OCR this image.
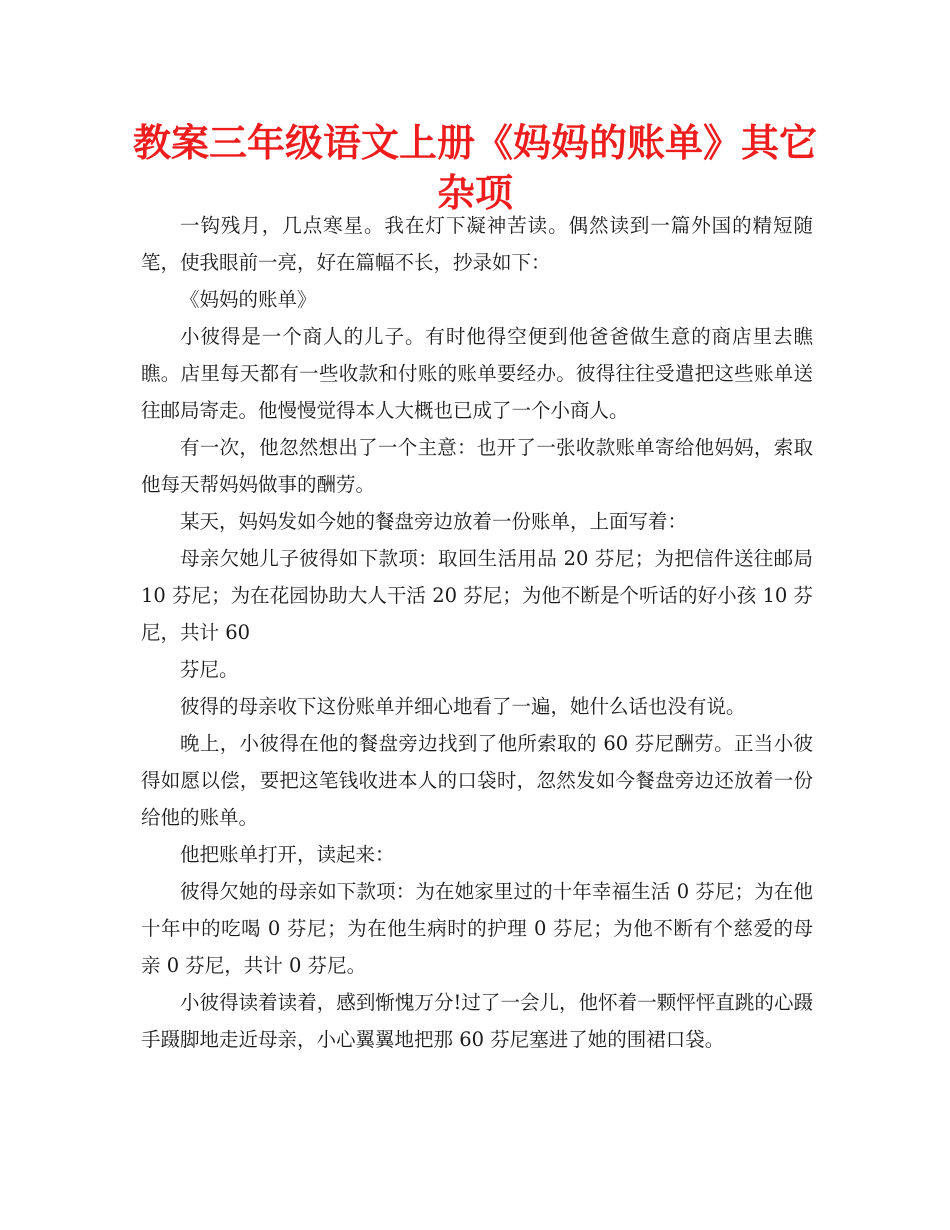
教案三年级语文上册《妈妈的账单》其它杂项

一钩残月，几点寒星。我在灯下凝神苦读。偶然读到一篇外国的精短随笔，使我眼前一亮，好在篇幅不长，抄录如下：

《妈妈的账单》

小彼得是一个商人的儿子。有时他得空便到他爸爸做生意的商店里去瞧瞧。店里每天都有一些收款和付账的账单要经办。彼得往往受遣把这些账单送往邮局寄走。他慢慢觉得本人大概也已成了一个小商人。

有一次，他忽然想出了一个主意：也开了一张收款账单寄给他妈妈，索取他每天帮妈妈做事的酬劳。

某天，妈妈发如今她的餐盘旁边放着一份账单，上面写着：

母亲欠她儿子彼得如下款项：取回生活用品 20 芬尼；为把信件送往邮局 10 芬尼；为在花园协助大人干活 20 芬尼；为他不断是个听话的好小孩 10 芬尼，共计 60

芬尼。

彼得的母亲收下这份账单并细心地看了一遍，她什么话也没有说。

晚上，小彼得在他的餐盘旁边找到了他所索取的 60 芬尼酬劳。正当小彼得如愿以偿，要把这笔钱收进本人的口袋时，忽然发如今餐盘旁边还放着一份给他的账单。

他把账单打开，读起来：

彼得欠她的母亲如下款项：为在她家里过的十年幸福生活 0 芬尼；为在他十年中的吃喝 0 芬尼；为在他生病时的护理 0 芬尼；为他不断有个慈爱的母亲 0 芬尼，共计 0 芬尼。

小彼得读着读着，感到惭愧万分!过了一会儿，他怀着一颗怦怦直跳的心蹑手蹑脚地走近母亲，小心翼翼地把那 60 芬尼塞进了她的围裙口袋。
